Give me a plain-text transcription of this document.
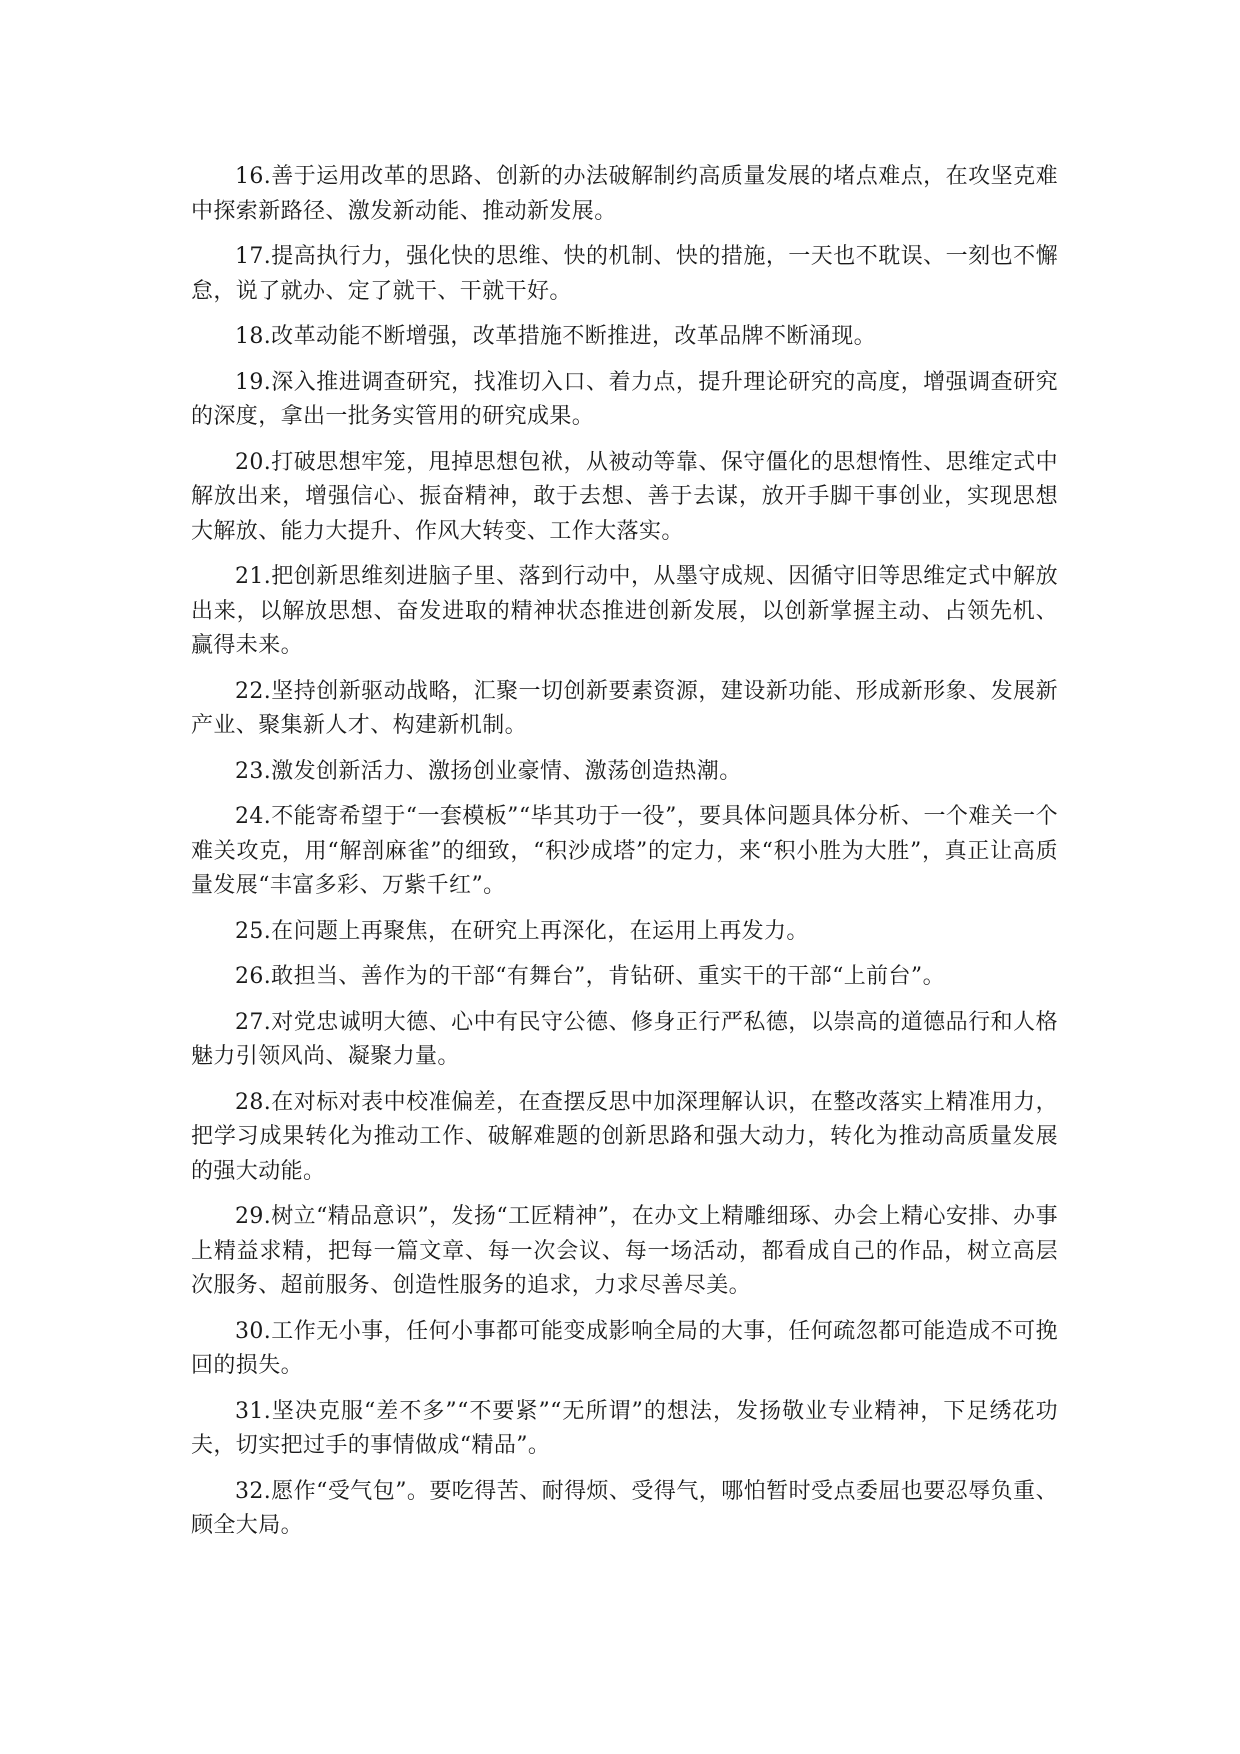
16.善于运用改革的思路、创新的办法破解制约高质量发展的堵点难点，在攻坚克难中探索新路径、激发新动能、推动新发展。

17.提高执行力，强化快的思维、快的机制、快的措施，一天也不耽误、一刻也不懈怠，说了就办、定了就干、干就干好。

18.改革动能不断增强，改革措施不断推进，改革品牌不断涌现。

19.深入推进调查研究，找准切入口、着力点，提升理论研究的高度，增强调查研究的深度，拿出一批务实管用的研究成果。

20.打破思想牢笼，甩掉思想包袱，从被动等靠、保守僵化的思想惰性、思维定式中解放出来，增强信心、振奋精神，敢于去想、善于去谋，放开手脚干事创业，实现思想大解放、能力大提升、作风大转变、工作大落实。

21.把创新思维刻进脑子里、落到行动中，从墨守成规、因循守旧等思维定式中解放出来，以解放思想、奋发进取的精神状态推进创新发展，以创新掌握主动、占领先机、赢得未来。

22.坚持创新驱动战略，汇聚一切创新要素资源，建设新功能、形成新形象、发展新产业、聚集新人才、构建新机制。

23.激发创新活力、激扬创业豪情、激荡创造热潮。

24.不能寄希望于“一套模板”“毕其功于一役”，要具体问题具体分析、一个难关一个难关攻克，用“解剖麻雀”的细致，“积沙成塔”的定力，来“积小胜为大胜”，真正让高质量发展“丰富多彩、万紫千红”。

25.在问题上再聚焦，在研究上再深化，在运用上再发力。

26.敢担当、善作为的干部“有舞台”，肯钻研、重实干的干部“上前台”。

27.对党忠诚明大德、心中有民守公德、修身正行严私德，以崇高的道德品行和人格魅力引领风尚、凝聚力量。

28.在对标对表中校准偏差，在查摆反思中加深理解认识，在整改落实上精准用力，把学习成果转化为推动工作、破解难题的创新思路和强大动力，转化为推动高质量发展的强大动能。

29.树立“精品意识”，发扬“工匠精神”，在办文上精雕细琢、办会上精心安排、办事上精益求精，把每一篇文章、每一次会议、每一场活动，都看成自己的作品，树立高层次服务、超前服务、创造性服务的追求，力求尽善尽美。

30.工作无小事，任何小事都可能变成影响全局的大事，任何疏忽都可能造成不可挽回的损失。

31.坚决克服“差不多”“不要紧”“无所谓”的想法，发扬敬业专业精神，下足绣花功夫，切实把过手的事情做成“精品”。

32.愿作“受气包”。要吃得苦、耐得烦、受得气，哪怕暂时受点委屈也要忍辱负重、顾全大局。
